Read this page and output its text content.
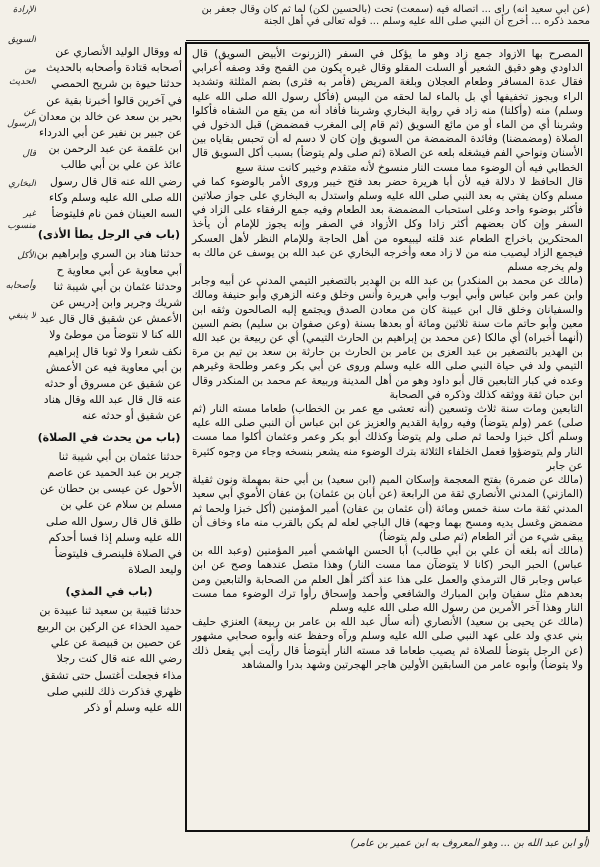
(عن أبي سعيد أنه) رأى ... اتصاله فيه (سمعت) تحت (بالحسين لكن) لما ثم كان وقال جعفر بن محمد ذكره ... أخرج أن النبي صلى الله عليه وسلم ... قوله تعالى في أهل الجنة

المصرح بها الازواد جمع زاد وهو ما يؤكل في السفر (الزرنوت الأبيض السويق) قال الداودي وهو دقيق الشعير أو السلت المقلو وقال غيره يكون من القمح وقد وصفه أعرابي فقال عدة المسافر وطعام العجلان وبلغة المريض (فأمر به فثرى) بضم المثلثة وتشديد الراء وبجوز تخفيفها أي بل بالماء لما لحقه من اليبس (فأكل رسول الله صلى الله عليه وسلم) منه (وأكلنا) منه زاد في رواية البخاري وشربنا فأفاد أنه من يقع من الشفاه فأكلوا وشربنا أي من الماء أو من مائع السويق (ثم قام إلى المغرب فمضمض) قبل الدخول في الصلاة (ومضمضنا) وفائدة المضمضة من السويق وإن كان لا دسم له أن تحبس بقاياه بين الأسنان ونواحي الفم فيشغله بلعه عن الصلاة (ثم صلى ولم يتوضأ) بسبب أكل السويق قال الخطابي فيه أن الوضوء مما مست النار منسوخ لأنه متقدم وخيبر كانت سنة سبع

قال الحافظ لا دلالة فيه لأن أبا هريرة حضر بعد فتح خيبر وروى الأمر بالوضوء كما في مسلم وكان يفتي به بعد النبي صلى الله عليه وسلم واستدل به البخاري على جواز صلاتين فأكثر بوضوء واحد وعلى استحباب المضمضة بعد الطعام وفيه جمع الرفقاء على الزاد في السفر وإن كان بعضهم أكثر زادا وكل الأزواد في الصفر وإنه يجوز للإمام أن يأخذ المحتكرين باخراج الطعام عند قلته ليبيعوه من أهل الحاجة وللإمام النظر لأهل العسكر فيجمع الزاد ليصيب منه من لا زاد معه وأخرجه البخاري عن عبد الله بن يوسف عن مالك به ولم يخرجه مسلم

(مالك عن محمد بن المنكدر) بن عبد الله بن الهدير بالتصغير التيمي المدني عن أبيه وجابر وابن عمر وابن عباس وأبي أيوب وأبي هريرة وأنس وخلق وعنه الزهري وأبو حنيفة ومالك والسفيانان وخلق قال ابن عيينة كان من معادن الصدق ويجتمع إليه الصالحون وثقه ابن معين وأبو حاتم مات سنة ثلاثين ومائة أو بعدها بسنة (وعن صفوان بن سليم) بضم السين (أنهما أخبراه) أي مالكا (عن محمد بن إبراهيم بن الحارث التيمي) أي عن ربيعة بن عبد الله بن الهدير بالتصغير بن عبد العزى بن عامر بن الحارث بن حارثة بن سعد بن تيم بن مرة التيمي ولد في حياة النبي صلى الله عليه وسلم وروى عن أبي بكر وعمر وطلحة وغيرهم وعده في كبار التابعين قال أبو داود وهو من أهل المدينة وربيعة عم محمد بن المنكدر وقال ابن حبان ثقة ووثقه كذلك وذكره في الصحابة

التابعين ومات سنة ثلاث وتسعين (أنه تعشى مع عمر بن الخطاب) طعاما مسته النار (ثم صلى) عمر (ولم يتوضأ) وفيه رواية القديم والعزيز عن ابن عباس أن النبي صلى الله عليه وسلم أكل خبزا ولحما ثم صلى ولم يتوضأ وكذلك أبو بكر وعمر وعثمان أكلوا مما مست النار ولم يتوضؤوا فعمل الخلفاء الثلاثة بترك الوضوء منه يشعر بنسخه وجاء من وجوه كثيرة عن جابر

(مالك عن ضمرة) بفتح المعجمة وإسكان الميم (ابن سعيد) بن أبي حنة بمهملة ونون ثقيلة (المازني) المدني الأنصاري ثقة من الرابعة (عن أبان بن عثمان) بن عفان الأموي أبي سعيد المدني ثقة مات سنة خمس ومائة (أن عثمان بن عفان) أمير المؤمنين (أكل خبزا ولحما ثم مضمض وغسل يديه ومسح بهما وجهه) قال الباجي لعله لم يكن بالقرب منه ماء وخاف أن يبقى شيء من أثر الطعام (ثم صلى ولم يتوضأ)

(مالك أنه بلغه أن علي بن أبي طالب) أبا الحسن الهاشمي أمير المؤمنين (وعبد الله بن عباس) الحبر البحر (كانا لا يتوضآن مما مست النار) وهذا متصل عندهما وصح عن ابن عباس وجابر قال الترمذي والعمل على هذا عند أكثر أهل العلم من الصحابة والتابعين ومن بعدهم مثل سفيان وابن المبارك والشافعي وأحمد وإسحاق رأوا ترك الوضوء مما مست النار وهذا آخر الأمرين من رسول الله صلى الله عليه وسلم

(مالك عن يحيى بن سعيد) الأنصاري (أنه سأل عبد الله بن عامر بن ربيعة) العنزي حليف بني عدي ولد على عهد النبي صلى الله عليه وسلم ورآه وحفظ عنه وأبوه صحابي مشهور (عن الرجل يتوضأ للصلاة ثم يصيب طعاما قد مسته النار أيتوضأ قال رأيت أبي يفعل ذلك ولا يتوضأ) وأبوه عامر من السابقين الأولين هاجر الهجرتين وشهد بدرا والمشاهد

له ووقال الوليد الأنصاري عن أصحابه قتادة وأصحابه بالحديث

حدثنا حيوة بن شريح الحمصي في آخرين قالوا أخبرنا بقية عن بحير بن سعد عن خالد بن معدان عن جبير بن نفير عن أبي الدرداء

ابن علقمة عن عبد الرحمن بن عائذ عن علي بن أبي طالب رضي الله عنه قال قال رسول الله صلى الله عليه وسلم وكاء السه العينان فمن نام فليتوضأ

(باب في الرجل يطأ الأذى)

حدثنا هناد بن السري وإبراهيم بن أبي معاوية عن أبي معاوية ح وحدثنا عثمان بن أبي شيبة ثنا شريك وجرير وابن إدريس عن الأعمش عن شقيق قال قال عبد الله كنا لا نتوضأ من موطئ ولا نكف شعرا ولا ثوبا قال إبراهيم بن أبي معاوية فيه عن الأعمش عن شقيق عن مسروق أو حدثه عنه قال قال عبد الله وقال هناد عن شقيق أو حدثه عنه

(باب من يحدث في الصلاة)

حدثنا عثمان بن أبي شيبة ثنا جرير بن عبد الحميد عن عاصم الأحول عن عيسى بن حطان عن مسلم بن سلام عن علي بن طلق قال قال رسول الله صلى الله عليه وسلم إذا فسا أحدكم في الصلاة فلينصرف فليتوضأ وليعد الصلاة

(باب في المذي)

حدثنا قتيبة بن سعيد ثنا عبيدة بن حميد الحذاء عن الركين بن الربيع عن حصين بن قبيصة عن علي رضي الله عنه قال كنت رجلا مذاء فجعلت أغتسل حتى تشقق ظهري فذكرت ذلك للنبي صلى الله عليه وسلم أو ذكر

الإرادة

السويق

من الحديث

عن الرسول

قال

البخاري

غير منسوب

الأكل

وأصحابه

لا ينبغي

(أو ابن عبد الله بن ... وهو المعروف به ابن عمير بن عامر)
